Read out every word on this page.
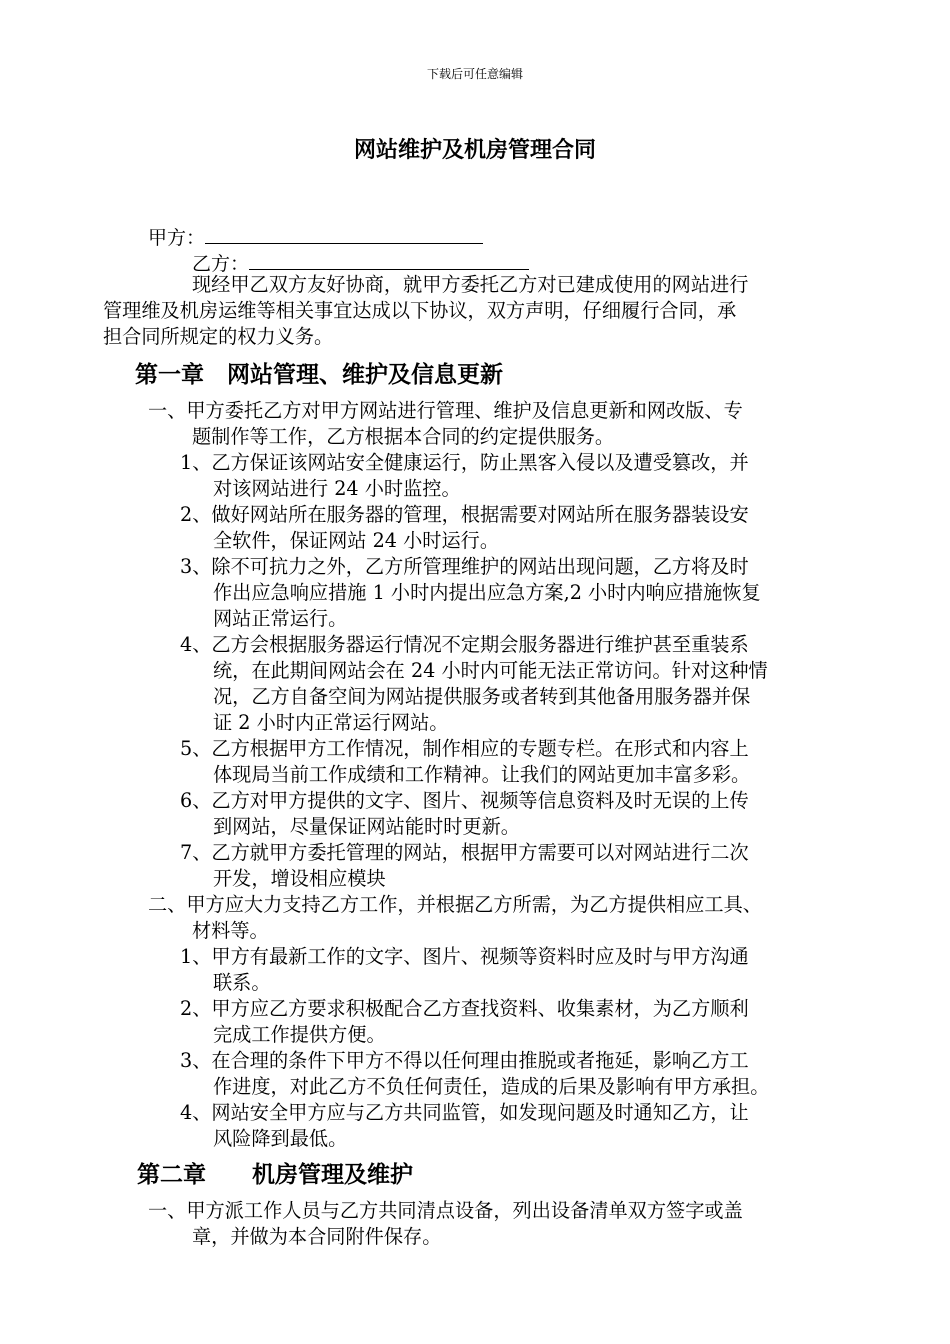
下载后可任意编辑
网站维护及机房管理合同
甲方：
乙方：
现经甲乙双方友好协商，就甲方委托乙方对已建成使用的网站进行
管理维及机房运维等相关事宜达成以下协议，双方声明，仔细履行合同，承
担合同所规定的权力义务。
第一章　网站管理、维护及信息更新
一、甲方委托乙方对甲方网站进行管理、维护及信息更新和网改版、专
题制作等工作，乙方根据本合同的约定提供服务。
1、乙方保证该网站安全健康运行，防止黑客入侵以及遭受篡改，并
对该网站进行 24 小时监控。
2、做好网站所在服务器的管理，根据需要对网站所在服务器装设安
全软件，保证网站 24 小时运行。
3、除不可抗力之外，乙方所管理维护的网站出现问题，乙方将及时
作出应急响应措施 1 小时内提出应急方案,2 小时内响应措施恢复
网站正常运行。
4、乙方会根据服务器运行情况不定期会服务器进行维护甚至重装系
统，在此期间网站会在 24 小时内可能无法正常访问。针对这种情
况，乙方自备空间为网站提供服务或者转到其他备用服务器并保
证 2 小时内正常运行网站。
5、乙方根据甲方工作情况，制作相应的专题专栏。在形式和内容上
体现局当前工作成绩和工作精神。让我们的网站更加丰富多彩。
6、乙方对甲方提供的文字、图片、视频等信息资料及时无误的上传
到网站，尽量保证网站能时时更新。
7、乙方就甲方委托管理的网站，根据甲方需要可以对网站进行二次
开发，增设相应模块
二、甲方应大力支持乙方工作，并根据乙方所需，为乙方提供相应工具、
材料等。
1、甲方有最新工作的文字、图片、视频等资料时应及时与甲方沟通
联系。
2、甲方应乙方要求积极配合乙方查找资料、收集素材，为乙方顺利
完成工作提供方便。
3、在合理的条件下甲方不得以任何理由推脱或者拖延，影响乙方工
作进度，对此乙方不负任何责任，造成的后果及影响有甲方承担。
4、网站安全甲方应与乙方共同监管，如发现问题及时通知乙方，让
风险降到最低。
第二章　　机房管理及维护
一、甲方派工作人员与乙方共同清点设备，列出设备清单双方签字或盖
章，并做为本合同附件保存。
